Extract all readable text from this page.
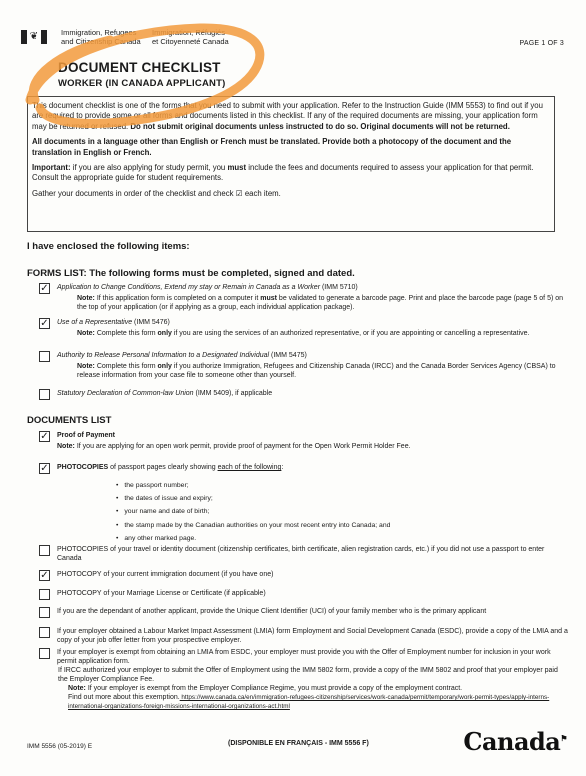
❦	Immigration, Refugees
and Citizenship Canada
Immigration, Réfugiés
et Citoyenneté Canada	PAGE 1 OF 3
DOCUMENT CHECKLIST
WORKER (IN CANADA APPLICANT)

This document checklist is one of the forms that you need to submit with your application. Refer to the Instruction Guide (IMM 5553) to find out if you are required to provide some or all forms and documents listed in this checklist. If any of the required documents are missing, your application form may be returned or refused. Do not submit original documents unless instructed to do so. Original documents will not be returned.

All documents in a language other than English or French must be translated. Provide both a photocopy of the document and the translation in English or French.

Important: if you are also applying for study permit, you must include the fees and documents required to assess your application for that permit. Consult the appropriate guide for student requirements.

Gather your documents in order of the checklist and check ☑ each item.

I have enclosed the following items:
FORMS LIST: The following forms must be completed, signed and dated.
✓ Application to Change Conditions, Extend my stay or Remain in Canada as a Worker (IMM 5710)
Note: If this application form is completed on a computer it must be validated to generate a barcode page. Print and place the barcode page (page 5 of 5) on the top of your application (or if applying as a group, each individual application package).
✓ Use of a Representative (IMM 5476)
Note: Complete this form only if you are using the services of an authorized representative, or if you are appointing or cancelling a representative.
Authority to Release Personal Information to a Designated Individual (IMM 5475)
Note: Complete this form only if you authorize Immigration, Refugees and Citizenship Canada (IRCC) and the Canada Border Services Agency (CBSA) to release information from your case file to someone other than yourself.
Statutory Declaration of Common-law Union (IMM 5409), if applicable
DOCUMENTS LIST
✓ Proof of Payment
Note: If you are applying for an open work permit, provide proof of payment for the Open Work Permit Holder Fee.
✓ PHOTOCOPIES of passport pages clearly showing each of the following:
• the passport number;
• the dates of issue and expiry;
• your name and date of birth;
• the stamp made by the Canadian authorities on your most recent entry into Canada; and
• any other marked page.
PHOTOCOPIES of your travel or identity document (citizenship certificates, birth certificate, alien registration cards, etc.) if you did not use a passport to enter Canada
✓ PHOTOCOPY of your current immigration document (if you have one)
PHOTOCOPY of your Marriage License or Certificate (if applicable)
If you are the dependant of another applicant, provide the Unique Client Identifier (UCI) of your family member who is the primary applicant
If your employer obtained a Labour Market Impact Assessment (LMIA) form Employment and Social Development Canada (ESDC), provide a copy of the LMIA and a copy of your job offer letter from your prospective employer.
If your employer is exempt from obtaining an LMIA from ESDC, your employer must provide you with the Offer of Employment number for inclusion in your work permit application form.
If IRCC authorized your employer to submit the Offer of Employment using the IMM 5802 form, provide a copy of the IMM 5802 and proof that your employer paid the Employer Compliance Fee.
Note: If your employer is exempt from the Employer Compliance Regime, you must provide a copy of the employment contract.
Find out more about this exemption. https://www.canada.ca/en/immigration-refugees-citizenship/services/work-canada/permit/temporary/work-permit-types/apply-interns-international-organizations-foreign-missions-international-organizations-act.html
IMM 5556 (05-2019) E	(DISPONIBLE EN FRANÇAIS - IMM 5556 F)	Canada⚑
